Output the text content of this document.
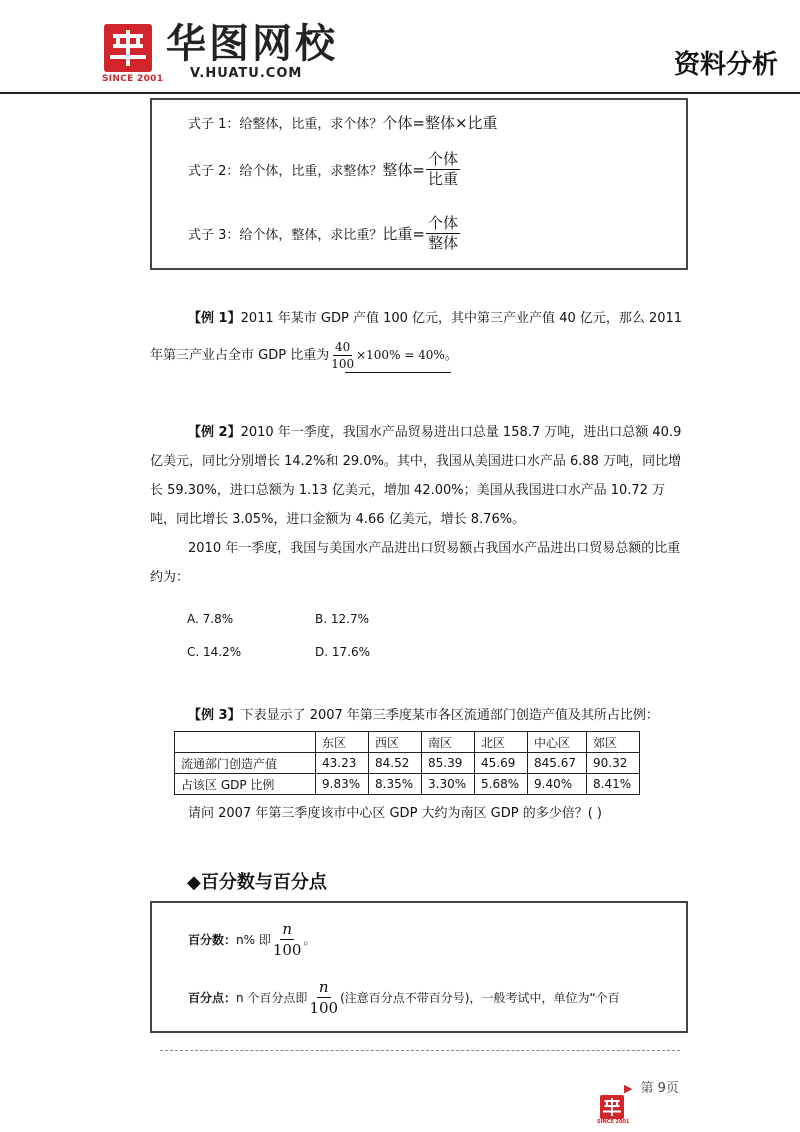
SINCE 2001
华图网校
V.HUATU.COM	资料分析
式子 1：给整体，比重，求个体？ 个体=整体×比重
式子 2：给个体，比重，求整体？ 整体= $\frac{\text{个体}}{\text{比重}}$
式子 3：给个体，整体，求比重？ 比重= $\frac{\text{个体}}{\text{整体}}$

【例 1】2011 年某市 GDP 产值 100 亿元，其中第三产业产值 40 亿元，那么 2011

年第三产业占全市 GDP 比重为 $\frac{40}{100} \times 100\% = 40\%$ 。

【例 2】2010 年一季度，我国水产品贸易进出口总量 158.7 万吨，进出口总额 40.9 亿美元，同比分别增长 14.2%和 29.0%。其中，我国从美国进口水产品 6.88 万吨，同比增长 59.30%，进口总额为 1.13 亿美元，增加 42.00%；美国从我国进口水产品 10.72 万吨，同比增长 3.05%，进口金额为 4.66 亿美元，增长 8.76%。

2010 年一季度，我国与美国水产品进出口贸易额占我国水产品进出口贸易总额的比重约为：

A. 7.8%	B. 12.7%
C. 14.2%	D. 17.6%

【例 3】下表显示了 2007 年第三季度某市各区流通部门创造产值及其所占比例：

	东区	西区	南区	北区	中心区	郊区
流通部门创造产值	43.23	84.52	85.39	45.69	845.67	90.32
占该区 GDP 比例	9.83%	8.35%	3.30%	5.68%	9.40%	8.41%

请问 2007 年第三季度该市中心区 GDP 大约为南区 GDP 的多少倍？( )

◆百分数与百分点
百分数： n% 即 $\frac{n}{100}$ 。
百分点： n 个百分点即 $\frac{n}{100}$ (注意百分点不带百分号)，一般考试中，单位为“个百
▶ 第 9页
SINCE 2001
